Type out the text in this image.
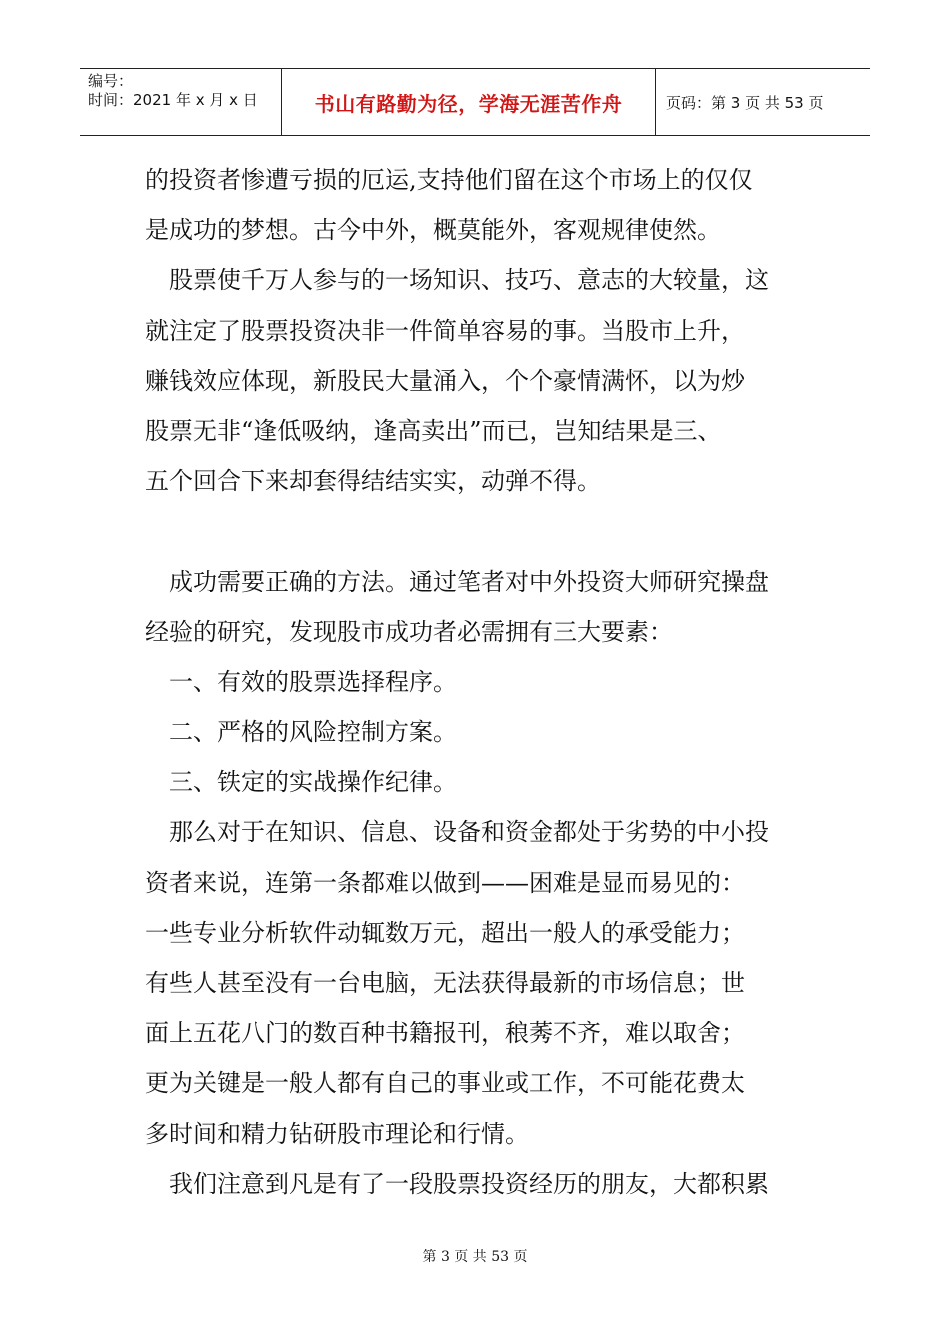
编号：
时间：2021 年 x 月 x 日	书山有路勤为径，学海无涯苦作舟	页码：第 3 页 共 53 页
的投资者惨遭亏损的厄运,支持他们留在这个市场上的仅仅
是成功的梦想。古今中外，概莫能外，客观规律使然。
　股票使千万人参与的一场知识、技巧、意志的大较量，这
就注定了股票投资决非一件简单容易的事。当股市上升，
赚钱效应体现，新股民大量涌入，个个豪情满怀，以为炒
股票无非“逢低吸纳，逢高卖出”而已，岂知结果是三、
五个回合下来却套得结结实实，动弹不得。
　成功需要正确的方法。通过笔者对中外投资大师研究操盘
经验的研究，发现股市成功者必需拥有三大要素：
　一、有效的股票选择程序。
　二、严格的风险控制方案。
　三、铁定的实战操作纪律。
　那么对于在知识、信息、设备和资金都处于劣势的中小投
资者来说，连第一条都难以做到——困难是显而易见的：
一些专业分析软件动辄数万元，超出一般人的承受能力；
有些人甚至没有一台电脑，无法获得最新的市场信息；世
面上五花八门的数百种书籍报刊，稂莠不齐，难以取舍；
更为关键是一般人都有自己的事业或工作，不可能花费太
多时间和精力钻研股市理论和行情。
　我们注意到凡是有了一段股票投资经历的朋友，大都积累
第 3 页 共 53 页
